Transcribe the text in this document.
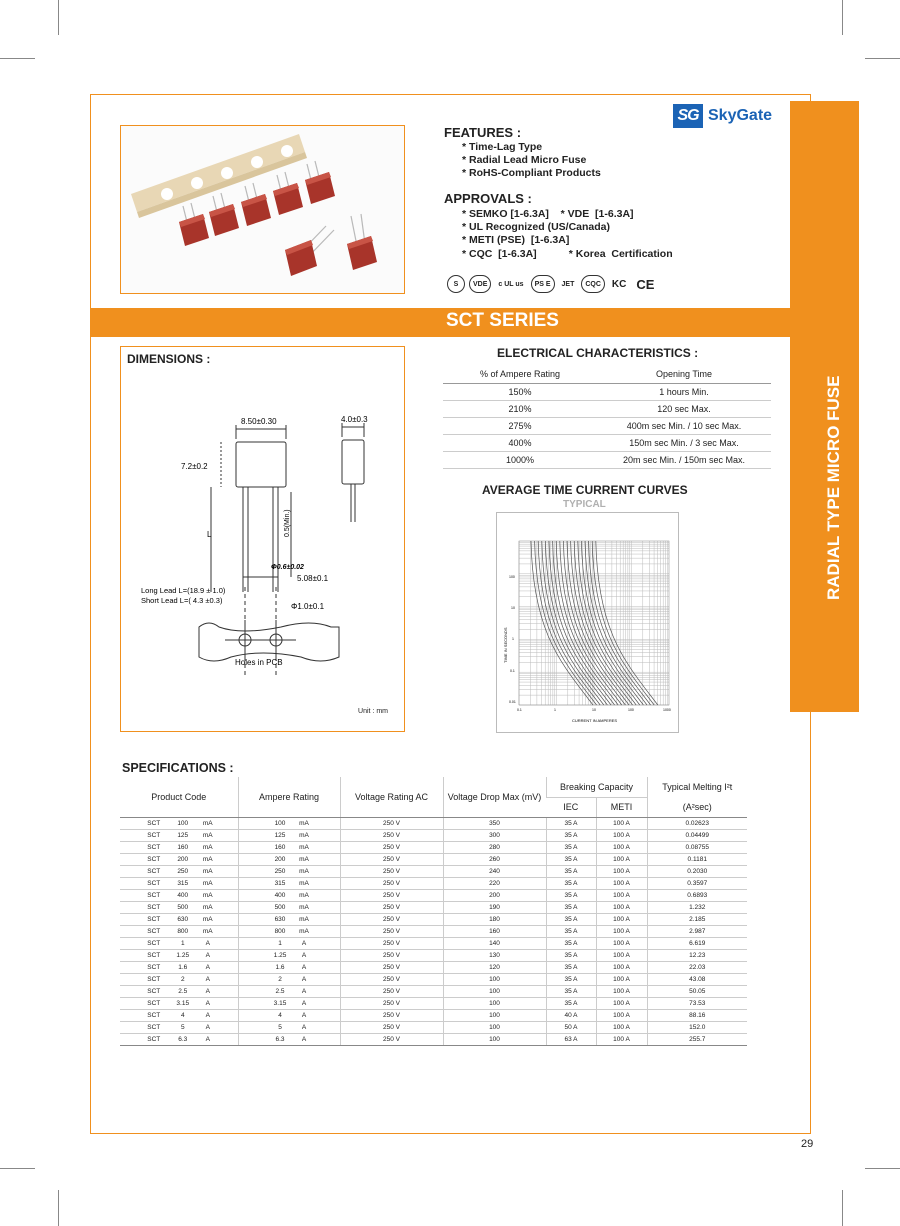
RADIAL TYPE MICRO FUSE
SG SkyGate
FEATURES :
* Time-Lag Type
* Radial Lead Micro Fuse
* RoHS-Compliant Products
APPROVALS :
* SEMKO [1-6.3A]    * VDE  [1-6.3A]
* UL Recognized (US/Canada)
* METI (PSE)  [1-6.3A]
* CQC  [1-6.3A]           * Korea  Certification
S	VDE	c UL us	PS E	JET	CQC	KC CE
SCT SERIES
8.50±0.30	4.0±0.3
7.2±0.2
L	0.5(Min.)
Φ0.6±0.02
5.08±0.1
Long Lead L=(18.9 ± 1.0)
Short Lead L=( 4.3 ±0.3)
Φ1.0±0.1
Holes in PCB
DIMENSIONS :
Unit : mm
ELECTRICAL CHARACTERISTICS :
% of Ampere Rating	Opening Time
150%	1 hours Min.
210%	120 sec Max.
275%	400m sec Min. / 10 sec Max.
400%	150m sec Min. / 3 sec Max.
1000%	20m sec Min. / 150m sec Max.
AVERAGE TIME CURRENT CURVES
TYPICAL
TIME IN SECONDS
CURRENT IN AMPERES
100
10
1
0.1
0.01
0.1	1	10	100	1000
SPECIFICATIONS :
Product Code	Ampere Rating	Voltage Rating AC	Voltage Drop Max (mV)	Breaking Capacity		Typical Melting I²t
				IEC	METI	(A²sec)
SCT 100 mA	100 mA	250 V	350	35 A	100 A	0.02623
SCT 125 mA	125 mA	250 V	300	35 A	100 A	0.04499
SCT 160 mA	160 mA	250 V	280	35 A	100 A	0.08755
SCT 200 mA	200 mA	250 V	260	35 A	100 A	0.1181
SCT 250 mA	250 mA	250 V	240	35 A	100 A	0.2030
SCT 315 mA	315 mA	250 V	220	35 A	100 A	0.3597
SCT 400 mA	400 mA	250 V	200	35 A	100 A	0.6893
SCT 500 mA	500 mA	250 V	190	35 A	100 A	1.232
SCT 630 mA	630 mA	250 V	180	35 A	100 A	2.185
SCT 800 mA	800 mA	250 V	160	35 A	100 A	2.987
SCT 1 A	1 A	250 V	140	35 A	100 A	6.619
SCT 1.25 A	1.25 A	250 V	130	35 A	100 A	12.23
SCT 1.6 A	1.6 A	250 V	120	35 A	100 A	22.03
SCT 2 A	2 A	250 V	100	35 A	100 A	43.08
SCT 2.5 A	2.5 A	250 V	100	35 A	100 A	50.05
SCT 3.15 A	3.15 A	250 V	100	35 A	100 A	73.53
SCT 4 A	4 A	250 V	100	40 A	100 A	88.16
SCT 5 A	5 A	250 V	100	50 A	100 A	152.0
SCT 6.3 A	6.3 A	250 V	100	63 A	100 A	255.7
29
